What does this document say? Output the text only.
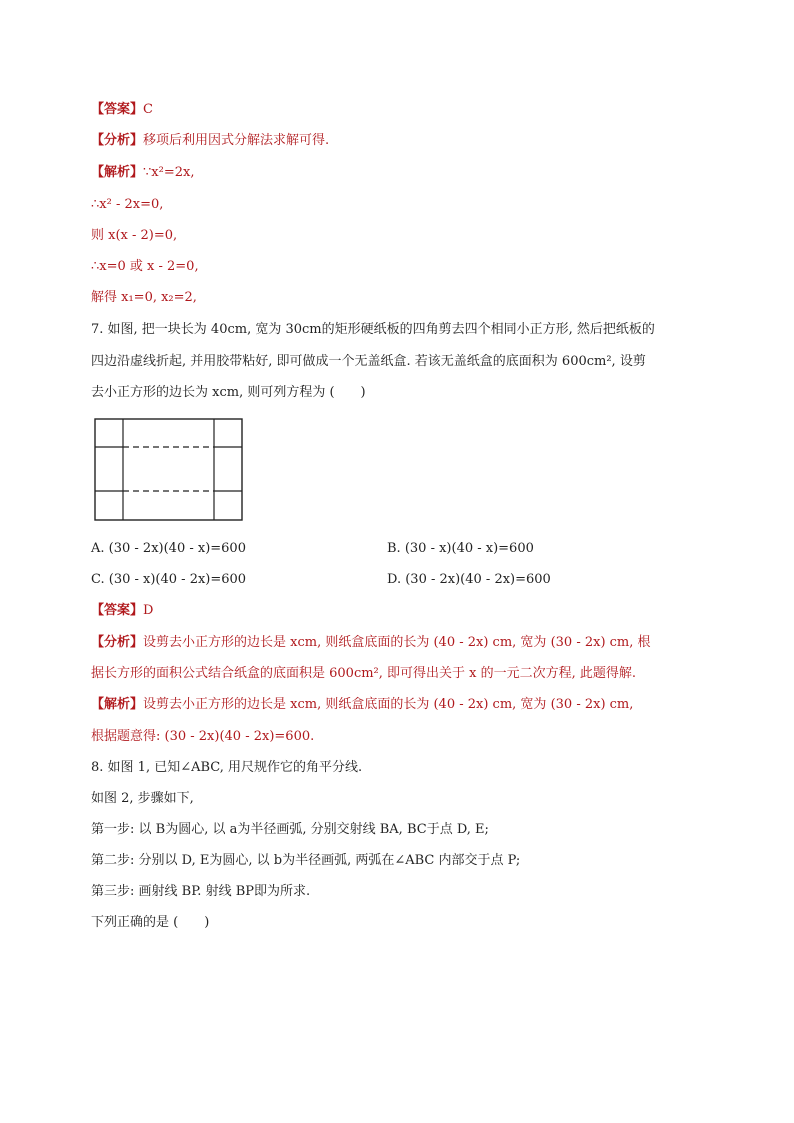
【答案】C
【分析】移项后利用因式分解法求解可得.
【解析】∵x²=2x,
∴x² - 2x=0,
则 x(x - 2)=0,
∴x=0 或 x - 2=0,
解得 x₁=0, x₂=2,
7. 如图, 把一块长为 40cm, 宽为 30cm的矩形硬纸板的四角剪去四个相同小正方形, 然后把纸板的
四边沿虚线折起, 并用胶带粘好, 即可做成一个无盖纸盒. 若该无盖纸盒的底面积为 600cm², 设剪
去小正方形的边长为 xcm, 则可列方程为 (　　)
A. (30 - 2x)(40 - x)=600	B. (30 - x)(40 - x)=600
C. (30 - x)(40 - 2x)=600	D. (30 - 2x)(40 - 2x)=600
【答案】D
【分析】设剪去小正方形的边长是 xcm, 则纸盒底面的长为 (40 - 2x) cm, 宽为 (30 - 2x) cm, 根
据长方形的面积公式结合纸盒的底面积是 600cm², 即可得出关于 x 的一元二次方程, 此题得解.
【解析】设剪去小正方形的边长是 xcm, 则纸盒底面的长为 (40 - 2x) cm, 宽为 (30 - 2x) cm,
根据题意得: (30 - 2x)(40 - 2x)=600.
8. 如图 1, 已知∠ABC, 用尺规作它的角平分线.
如图 2, 步骤如下,
第一步: 以 B为圆心, 以 a为半径画弧, 分别交射线 BA, BC于点 D, E;
第二步: 分别以 D, E为圆心, 以 b为半径画弧, 两弧在∠ABC 内部交于点 P;
第三步: 画射线 BP. 射线 BP即为所求.
下列正确的是 (　　)
